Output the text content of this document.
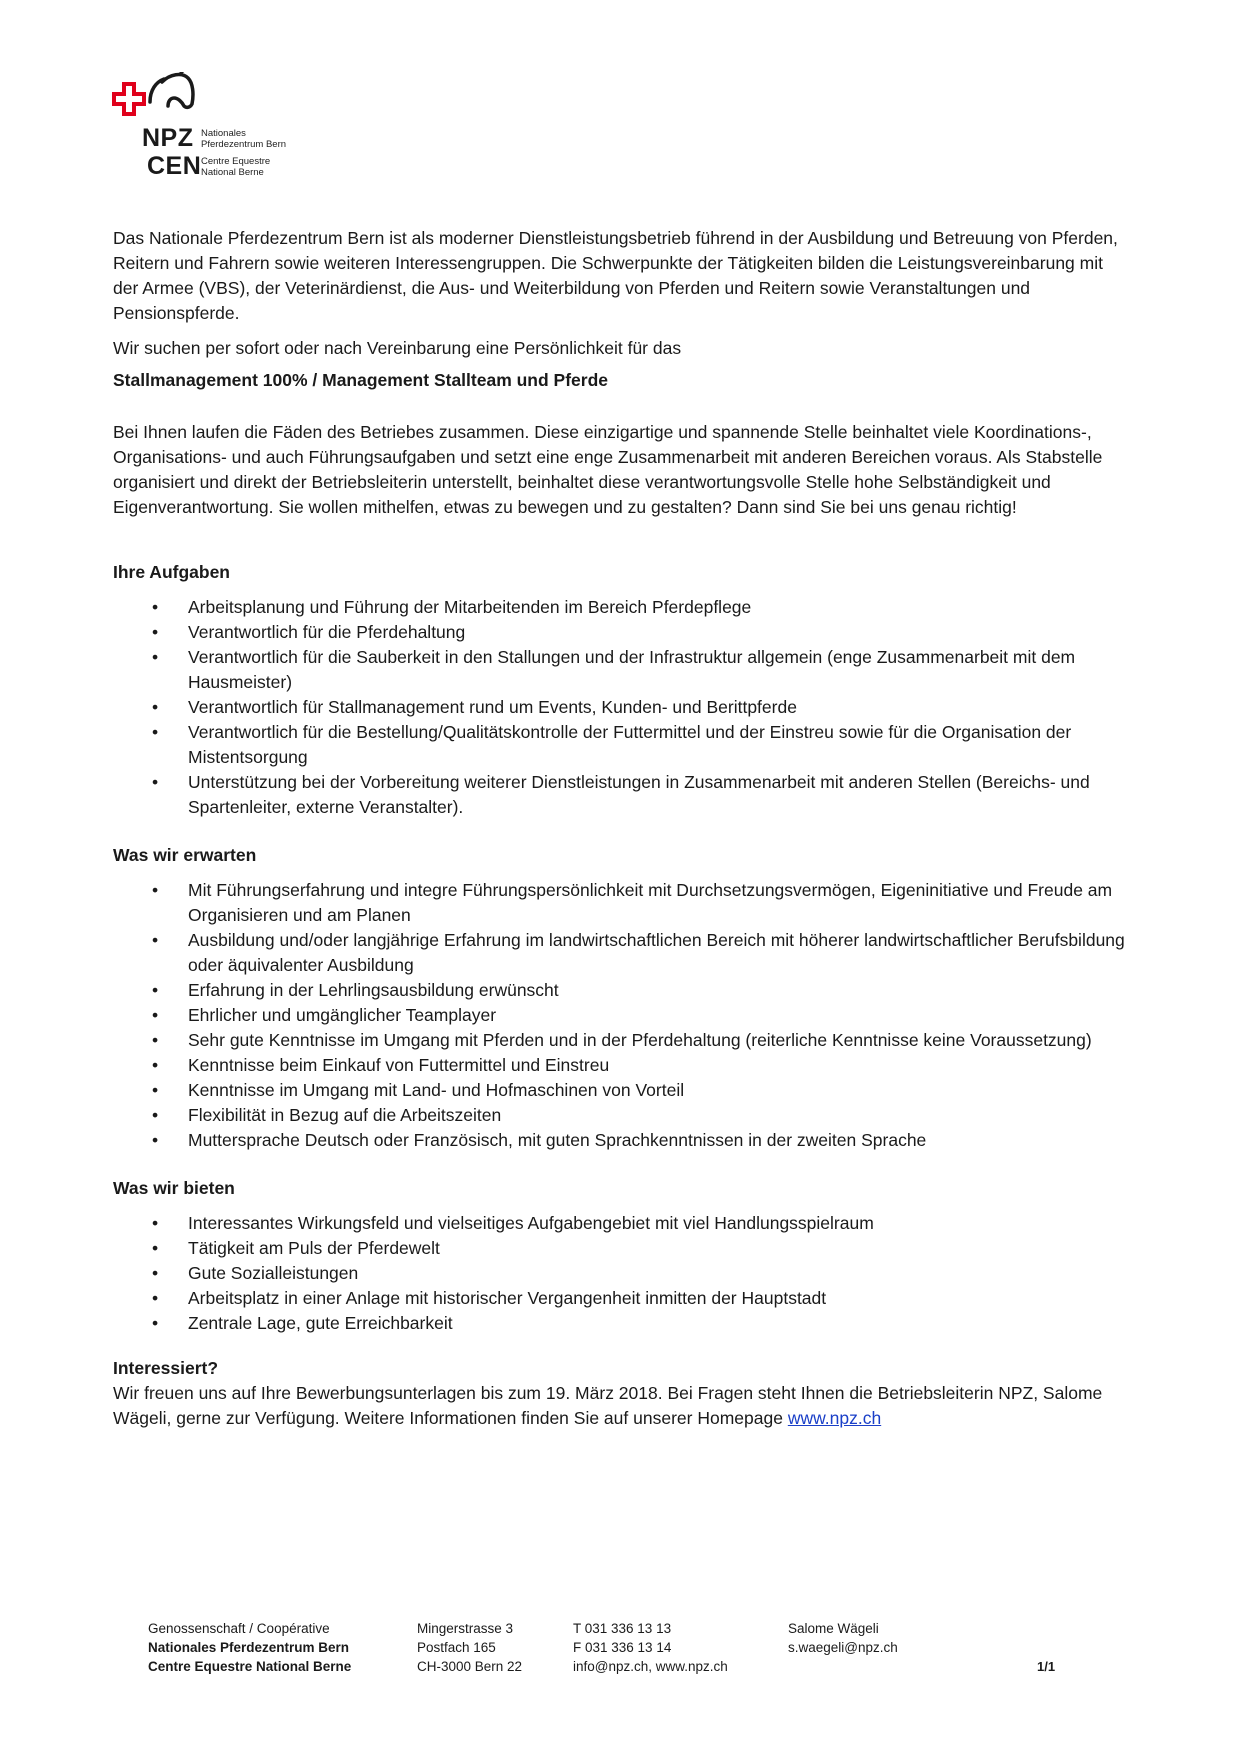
NPZ
CEN
Nationales
Pferdezentrum Bern
Centre Equestre
National Berne

Das Nationale Pferdezentrum Bern ist als moderner Dienstleistungsbetrieb führend in der Ausbildung und Betreuung von Pferden, Reitern und Fahrern sowie weiteren Interessengruppen. Die Schwerpunkte der Tätigkeiten bilden die Leistungsvereinbarung mit der Armee (VBS), der Veterinärdienst, die Aus- und Weiterbildung von Pferden und Reitern sowie Veranstaltungen und Pensionspferde.

Wir suchen per sofort oder nach Vereinbarung eine Persönlichkeit für das

Stallmanagement 100% / Management Stallteam und Pferde

Bei Ihnen laufen die Fäden des Betriebes zusammen. Diese einzigartige und spannende Stelle beinhaltet viele Koordinations-, Organisations- und auch Führungsaufgaben und setzt eine enge Zusammenarbeit mit anderen Bereichen voraus. Als Stabstelle organisiert und direkt der Betriebsleiterin unterstellt, beinhaltet diese verantwortungsvolle Stelle hohe Selbständigkeit und Eigenverantwortung. Sie wollen mithelfen, etwas zu bewegen und zu gestalten? Dann sind Sie bei uns genau richtig!

Ihre Aufgaben

• Arbeitsplanung und Führung der Mitarbeitenden im Bereich Pferdepflege
• Verantwortlich für die Pferdehaltung
• Verantwortlich für die Sauberkeit in den Stallungen und der Infrastruktur allgemein (enge Zusammenarbeit mit dem Hausmeister)
• Verantwortlich für Stallmanagement rund um Events, Kunden- und Berittpferde
• Verantwortlich für die Bestellung/Qualitätskontrolle der Futtermittel und der Einstreu sowie für die Organisation der Mistentsorgung
• Unterstützung bei der Vorbereitung weiterer Dienstleistungen in Zusammenarbeit mit anderen Stellen (Bereichs- und Spartenleiter, externe Veranstalter).

Was wir erwarten

• Mit Führungserfahrung und integre Führungspersönlichkeit mit Durchsetzungsvermögen, Eigeninitiative und Freude am Organisieren und am Planen
• Ausbildung und/oder langjährige Erfahrung im landwirtschaftlichen Bereich mit höherer landwirtschaftlicher Berufsbildung oder äquivalenter Ausbildung
• Erfahrung in der Lehrlingsausbildung erwünscht
• Ehrlicher und umgänglicher Teamplayer
• Sehr gute Kenntnisse im Umgang mit Pferden und in der Pferdehaltung (reiterliche Kenntnisse keine Voraussetzung)
• Kenntnisse beim Einkauf von Futtermittel und Einstreu
• Kenntnisse im Umgang mit Land- und Hofmaschinen von Vorteil
• Flexibilität in Bezug auf die Arbeitszeiten
• Muttersprache Deutsch oder Französisch, mit guten Sprachkenntnissen in der zweiten Sprache

Was wir bieten

• Interessantes Wirkungsfeld und vielseitiges Aufgabengebiet mit viel Handlungsspielraum
• Tätigkeit am Puls der Pferdewelt
• Gute Sozialleistungen
• Arbeitsplatz in einer Anlage mit historischer Vergangenheit inmitten der Hauptstadt
• Zentrale Lage, gute Erreichbarkeit

Interessiert?

Wir freuen uns auf Ihre Bewerbungsunterlagen bis zum 19. März 2018. Bei Fragen steht Ihnen die Betriebsleiterin NPZ, Salome Wägeli, gerne zur Verfügung. Weitere Informationen finden Sie auf unserer Homepage www.npz.ch

Genossenschaft / Coopérative
Nationales Pferdezentrum Bern
Centre Equestre National Berne
Mingerstrasse 3
Postfach 165
CH-3000 Bern 22
T 031 336 13 13
F 031 336 13 14
info@npz.ch, www.npz.ch
Salome Wägeli
s.waegeli@npz.ch
1/1
